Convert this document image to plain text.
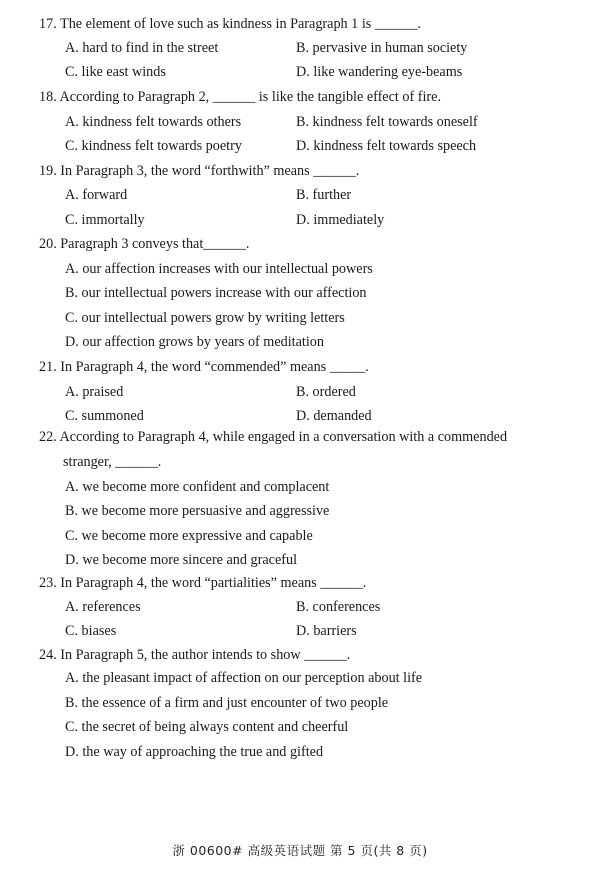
17. The element of love such as kindness in Paragraph 1 is ______.
A. hard to find in the street	B. pervasive in human society
C. like east winds	D. like wandering eye-beams
18. According to Paragraph 2, ______ is like the tangible effect of fire.
A. kindness felt towards others	B. kindness felt towards oneself
C. kindness felt towards poetry	D. kindness felt towards speech
19. In Paragraph 3, the word “forthwith” means ______.
A. forward	B. further
C. immortally	D. immediately
20. Paragraph 3 conveys that______.
A. our affection increases with our intellectual powers
B. our intellectual powers increase with our affection
C. our intellectual powers grow by writing letters
D. our affection grows by years of meditation
21. In Paragraph 4, the word “commended” means _____.
A. praised	B. ordered
C. summoned	D. demanded
22. According to Paragraph 4, while engaged in a conversation with a commended
stranger, ______.
A. we become more confident and complacent
B. we become more persuasive and aggressive
C. we become more expressive and capable
D. we become more sincere and graceful
23. In Paragraph 4, the word “partialities” means ______.
A. references	B. conferences
C. biases	D. barriers
24. In Paragraph 5, the author intends to show ______.
A. the pleasant impact of affection on our perception about life
B. the essence of a firm and just encounter of two people
C. the secret of being always content and cheerful
D. the way of approaching the true and gifted
浙 00600# 高级英语试题 第 5 页(共 8 页)
